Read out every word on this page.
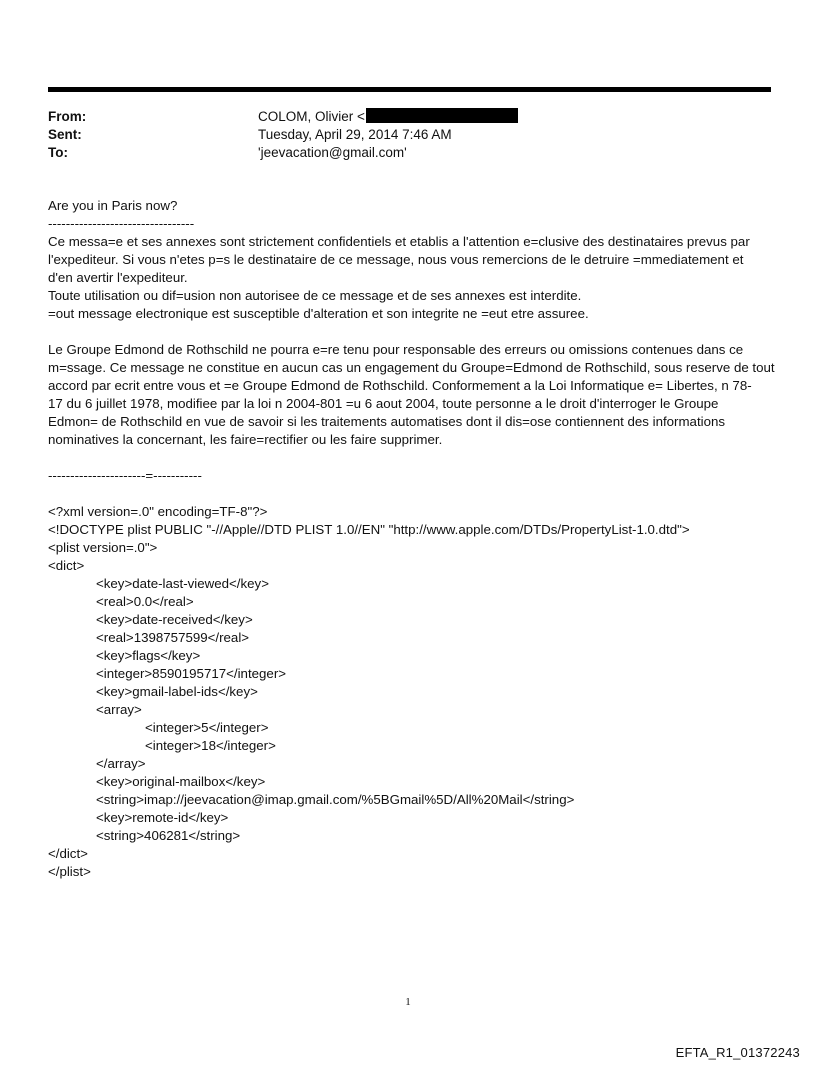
From:	COLOM, Olivier <
Sent:	Tuesday, April 29, 2014 7:46 AM
To:	'jeevacation@gmail.com'

Are you in Paris now?

---------------------------------

Ce messa=e et ses annexes sont strictement confidentiels et etablis a l'attention e=clusive des destinataires prevus par

l'expediteur. Si vous n'etes p=s le destinataire de ce message, nous vous remercions de le detruire =mmediatement et

d'en avertir l'expediteur.

Toute utilisation ou dif=usion non autorisee de ce message et de ses annexes est interdite.

=out message electronique est susceptible d'alteration et son integrite ne =eut etre assuree.

Le Groupe Edmond de Rothschild ne pourra e=re tenu pour responsable des erreurs ou omissions contenues dans ce

m=ssage. Ce message ne constitue en aucun cas un engagement du Groupe=Edmond de Rothschild, sous reserve de tout

accord par ecrit entre vous et =e Groupe Edmond de Rothschild. Conformement a la Loi Informatique e= Libertes, n 78-

17 du 6 juillet 1978, modifiee par la loi n 2004-801 =u 6 aout 2004, toute personne a le droit d'interroger le Groupe

Edmon= de Rothschild en vue de savoir si les traitements automatises dont il dis=ose contiennent des informations

nominatives la concernant, les faire=rectifier ou les faire supprimer.

----------------------=-----------

<?xml version=.0" encoding=TF-8"?>

<!DOCTYPE plist PUBLIC "-//Apple//DTD PLIST 1.0//EN" "http://www.apple.com/DTDs/PropertyList-1.0.dtd">

<plist version=.0">

<dict>

<key>date-last-viewed</key>

<real>0.0</real>

<key>date-received</key>

<real>1398757599</real>

<key>flags</key>

<integer>8590195717</integer>

<key>gmail-label-ids</key>

<array>

<integer>5</integer>

<integer>18</integer>

</array>

<key>original-mailbox</key>

<string>imap://jeevacation@imap.gmail.com/%5BGmail%5D/All%20Mail</string>

<key>remote-id</key>

<string>406281</string>

</dict>

</plist>

1
EFTA_R1_01372243
